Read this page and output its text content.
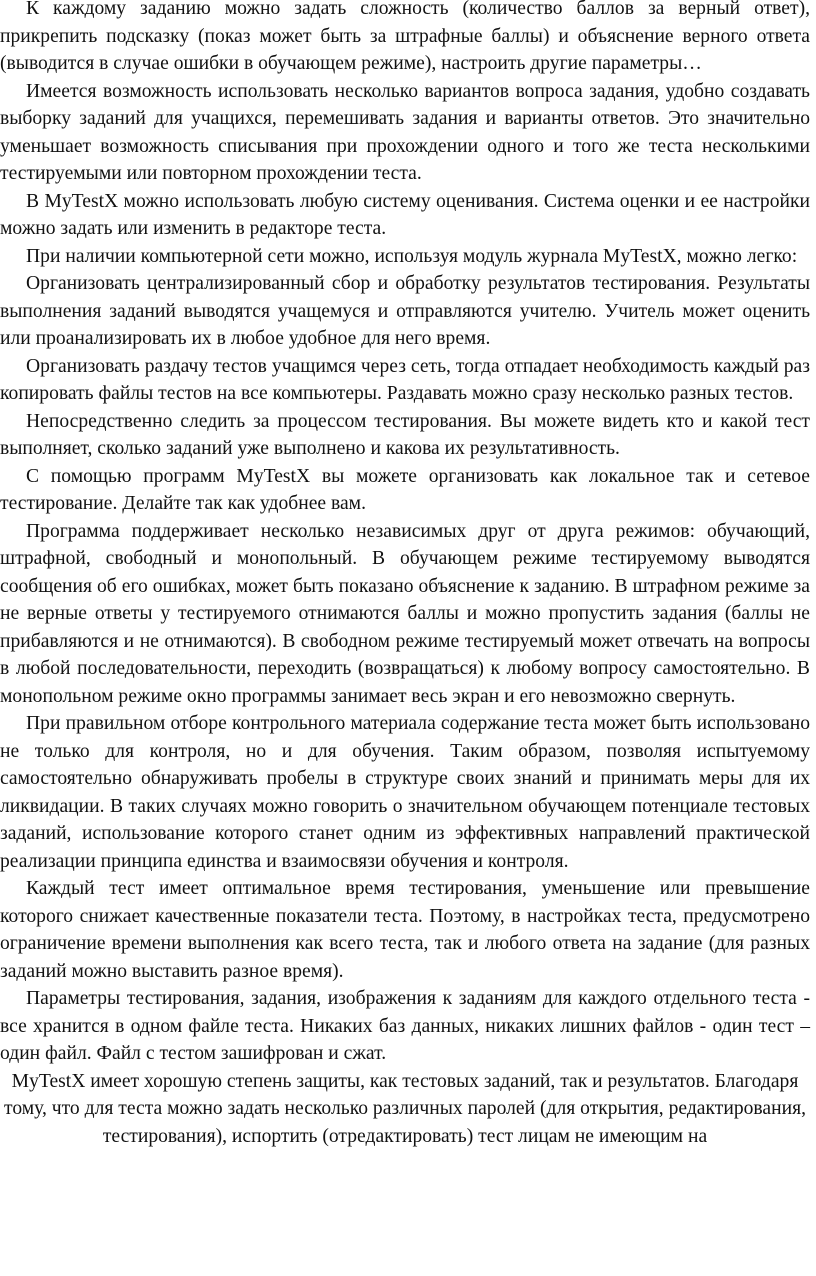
К каждому заданию можно задать сложность (количество баллов за верный ответ), прикрепить подсказку (показ может быть за штрафные баллы) и объяснение верного ответа (выводится в случае ошибки в обучающем режиме), настроить другие параметры…

Имеется возможность использовать несколько вариантов вопроса задания, удобно создавать выборку заданий для учащихся, перемешивать задания и варианты ответов. Это значительно уменьшает возможность списывания при прохождении одного и того же теста несколькими тестируемыми или повторном прохождении теста.

В MyTestX можно использовать любую систему оценивания. Система оценки и ее настройки можно задать или изменить в редакторе теста.

При наличии компьютерной сети можно, используя модуль журнала MyTestX, можно легко:

Организовать централизированный сбор и обработку результатов тестирования. Результаты выполнения заданий выводятся учащемуся и отправляются учителю. Учитель может оценить или проанализировать их в любое удобное для него время.

Организовать раздачу тестов учащимся через сеть, тогда отпадает необходимость каждый раз копировать файлы тестов на все компьютеры. Раздавать можно сразу несколько разных тестов.

Непосредственно следить за процессом тестирования. Вы можете видеть кто и какой тест выполняет, сколько заданий уже выполнено и какова их результативность.

С помощью программ MyTestX вы можете организовать как локальное так и сетевое тестирование. Делайте так как удобнее вам.

Программа поддерживает несколько независимых друг от друга режимов: обучающий, штрафной, свободный и монопольный. В обучающем режиме тестируемому выводятся сообщения об его ошибках, может быть показано объяснение к заданию. В штрафном режиме за не верные ответы у тестируемого отнимаются баллы и можно пропустить задания (баллы не прибавляются и не отнимаются). В свободном режиме тестируемый может отвечать на вопросы в любой последовательности, переходить (возвращаться) к любому вопросу самостоятельно. В монопольном режиме окно программы занимает весь экран и его невозможно свернуть.

При правильном отборе контрольного материала содержание теста может быть использовано не только для контроля, но и для обучения. Таким образом, позволяя испытуемому самостоятельно обнаруживать пробелы в структуре своих знаний и принимать меры для их ликвидации. В таких случаях можно говорить о значительном обучающем потенциале тестовых заданий, использование которого станет одним из эффективных направлений практической реализации принципа единства и взаимосвязи обучения и контроля.

Каждый тест имеет оптимальное время тестирования, уменьшение или превышение которого снижает качественные показатели теста. Поэтому, в настройках теста, предусмотрено ограничение времени выполнения как всего теста, так и любого ответа на задание (для разных заданий можно выставить разное время).

Параметры тестирования, задания, изображения к заданиям для каждого отдельного теста - все хранится в одном файле теста. Никаких баз данных, никаких лишних файлов - один тест – один файл. Файл с тестом зашифрован и сжат.

MyTestX имеет хорошую степень защиты, как тестовых заданий, так и результатов. Благодаря тому, что для теста можно задать несколько различных паролей (для открытия, редактирования, тестирования), испортить (отредактировать) тест лицам не имеющим на
